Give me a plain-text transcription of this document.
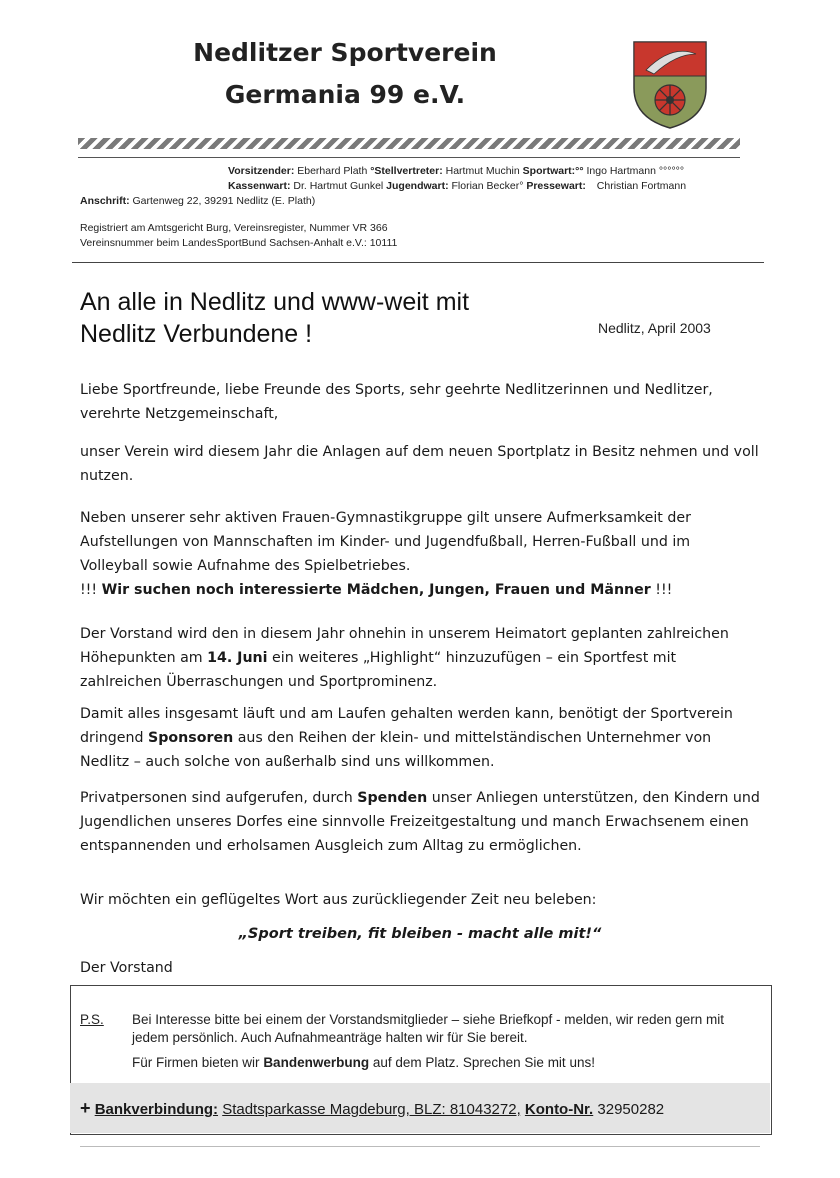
Nedlitzer Sportverein
Germania 99 e.V.
Vorsitzender: Eberhard Plath °Stellvertreter: Hartmut Muchin Sportwart:°° Ingo Hartmann °°°°°°
Kassenwart: Dr. Hartmut Gunkel Jugendwart: Florian Becker° Pressewart: Christian Fortmann
Anschrift: Gartenweg 22, 39291 Nedlitz (E. Plath)
Registriert am Amtsgericht Burg, Vereinsregister, Nummer VR 366
Vereinsnummer beim LandesSportBund Sachsen-Anhalt e.V.: 10111
An alle in Nedlitz und www-weit mit
Nedlitz Verbundene !	Nedlitz, April 2003

Liebe Sportfreunde, liebe Freunde des Sports, sehr geehrte Nedlitzerinnen und Nedlitzer, verehrte Netzgemeinschaft,

unser Verein wird diesem Jahr die Anlagen auf dem neuen Sportplatz in Besitz nehmen und voll nutzen.

Neben unserer sehr aktiven Frauen-Gymnastikgruppe gilt unsere Aufmerksamkeit der Aufstellungen von Mannschaften im Kinder- und Jugendfußball, Herren-Fußball und im Volleyball sowie Aufnahme des Spielbetriebes.
!!! Wir suchen noch interessierte Mädchen, Jungen, Frauen und Männer !!!

Der Vorstand wird den in diesem Jahr ohnehin in unserem Heimatort geplanten zahlreichen Höhepunkten am 14. Juni ein weiteres „Highlight“ hinzuzufügen – ein Sportfest mit zahlreichen Überraschungen und Sportprominenz.

Damit alles insgesamt läuft und am Laufen gehalten werden kann, benötigt der Sportverein dringend Sponsoren aus den Reihen der klein- und mittelständischen Unternehmer von Nedlitz – auch solche von außerhalb sind uns willkommen.

Privatpersonen sind aufgerufen, durch Spenden unser Anliegen unterstützen, den Kindern und Jugendlichen unseres Dorfes eine sinnvolle Freizeitgestaltung und manch Erwachsenem einen entspannenden und erholsamen Ausgleich zum Alltag zu ermöglichen.

Wir möchten ein geflügeltes Wort aus zurückliegender Zeit neu beleben:

„Sport treiben, fit bleiben - macht alle mit!“

Der Vorstand

P.S. Bei Interesse bitte bei einem der Vorstandsmitglieder – siehe Briefkopf - melden, wir reden gern mit jedem persönlich. Auch Aufnahmeanträge halten wir für Sie bereit.
Für Firmen bieten wir Bandenwerbung auf dem Platz. Sprechen Sie mit uns!
+ Bankverbindung: Stadtsparkasse Magdeburg, BLZ: 81043272, Konto-Nr. 32950282
